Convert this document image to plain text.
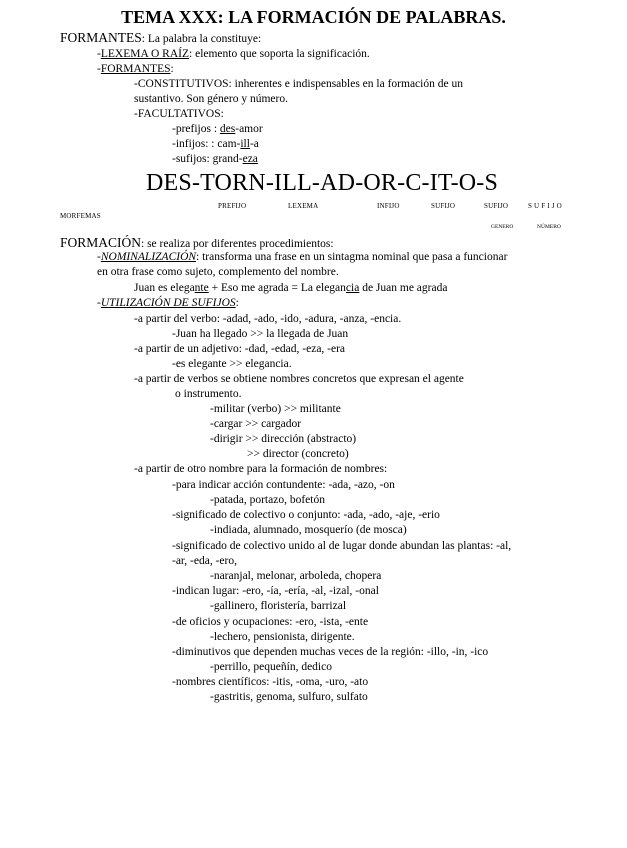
TEMA XXX: LA FORMACIÓN DE PALABRAS.
FORMANTES: La palabra la constituye:
-LEXEMA O RAÍZ: elemento que soporta la significación.
-FORMANTES:
-CONSTITUTIVOS: inherentes e indispensables en la formación de un
sustantivo. Son género y número.
-FACULTATIVOS:
-prefijos : des-amor
-infijos: : cam-ill-a
-sufijos: grand-eza
DES-TORN-ILL-AD-OR-C-IT-O-S
PREFIJO	LEXEMA	INFIJO	SUFIJO	SUFIJO	S U F I J O
MORFEMAS
GENERO	NÚMERO
FORMACIÓN: se realiza por diferentes procedimientos:
-NOMINALIZACIÓN: transforma una frase en un sintagma nominal que pasa a funcionar
en otra frase como sujeto, complemento del nombre.
Juan es elegante + Eso me agrada = La elegancia de Juan me agrada
-UTILIZACIÓN DE SUFIJOS:
-a partir del verbo: -adad, -ado, -ido, -adura, -anza, -encia.
-Juan ha llegado >> la llegada de Juan
-a partir de un adjetivo: -dad, -edad, -eza, -era
-es elegante >> elegancia.
-a partir de verbos se obtiene nombres concretos que expresan el agente
o instrumento.
-militar (verbo) >> militante
-cargar >> cargador
-dirigir >> dirección (abstracto)
>> director (concreto)
-a partir de otro nombre para la formación de nombres:
-para indicar acción contundente: -ada, -azo, -on
-patada, portazo, bofetón
-significado de colectivo o conjunto: -ada, -ado, -aje, -erio
-indiada, alumnado, mosquerío (de mosca)
-significado de colectivo unido al de lugar donde abundan las plantas: -al,
-ar, -eda, -ero,
-naranjal, melonar, arboleda, chopera
-indican lugar: -ero, -ía, -ería, -al, -izal, -onal
-gallinero, floristería, barrizal
-de oficios y ocupaciones: -ero, -ista, -ente
-lechero, pensionista, dirigente.
-diminutivos que dependen muchas veces de la región: -illo, -in, -ico
-perrillo, pequeñín, dedico
-nombres científicos: -itis, -oma, -uro, -ato
-gastritis, genoma, sulfuro, sulfato
